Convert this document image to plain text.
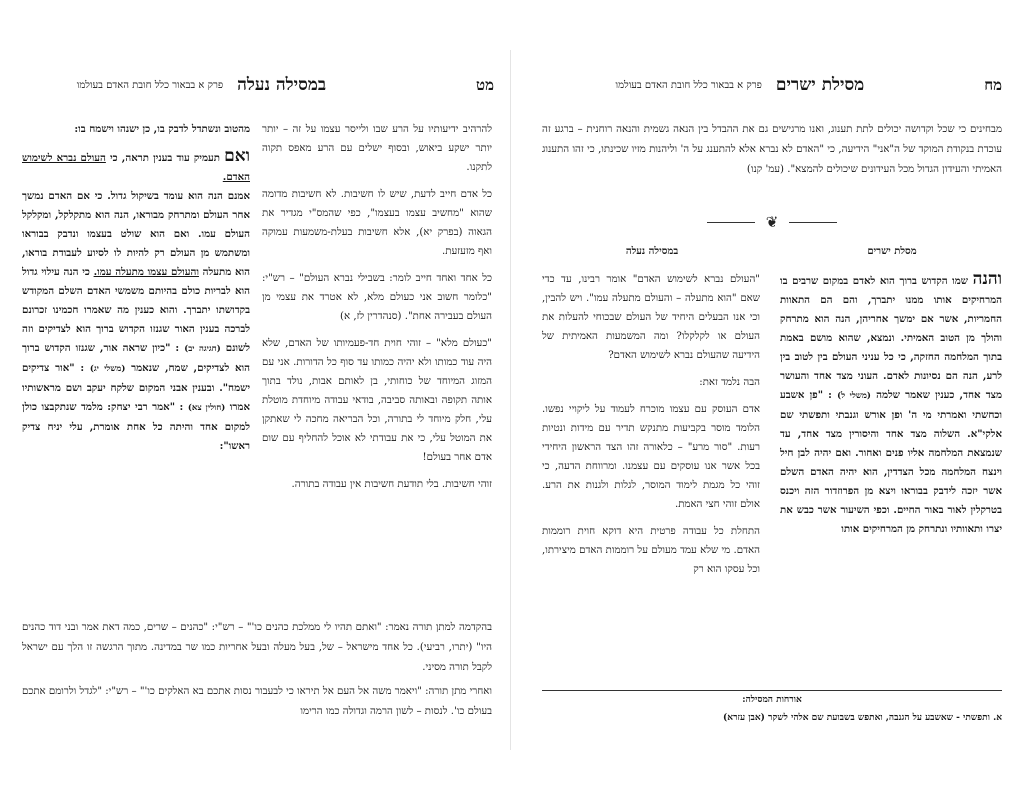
מט
במסילה נעלה
פרק א בבאור כלל חובת האדם בעולמו

מהטוב ונשתדל לדבק בו, כן ישנהו וישמח בו:

ואם תעמיק עוד בענין תראה, כי העולם נברא לשימוש האדם.

אמנם הנה הוא עומד בשיקול גדול. כי אם האדם נמשך אחר העולם ומתרחק מבוראו, הנה הוא מתקלקל, ומקלקל העולם עמו. ואם הוא שולט בעצמו ונדבק בבוראו ומשתמש מן העולם רק להיות לו לסיוע לעבודת בוראו, הוא מתעלה והעולם עצמו מתעלה עמו. כי הנה עילוי גדול הוא לבריות כולם בהיותם משמשי האדם השלם המקודש בקדושתו יתברך. והוא כענין מה שאמרו חכמינו זכרונם לברכה בענין האור שגנזו הקדוש ברוך הוא לצדיקים וזה לשונם (חגיגה יב) : "כיון שראה אור, שגנזו הקדוש ברוך הוא לצדיקים, שמח, שנאמר (משלי יג) : "אור צדיקים ישמח". ובענין אבני המקום שלקח יעקב ושם מראשותיו אמרו (חולין צא) : "אמר רבי יצחק: מלמד שנתקבצו כולן למקום אחד והיתה כל אחת אומרת, עלי יניח צדיק ראשו":

להרהיב ידיעותיו על הרע שבו ולייסר עצמו על זה – יותר יותר ישקע ביאוש, ובסוף ישלים עם הרע מאפס תקוה לתקנו.

כל אדם חייב לדעת, שיש לו חשיבות. לא חשיבות מדומה שהוא "מחשיב עצמו בעצמו", כפי שהמס"י מגדיר את הגאוה (בפרק יא), אלא חשיבות בעלת-משמעות עמוקה ואף מזעזעת.

כל אחד ואחד חייב לומר: בשבילי נברא העולם" – רש"י: "כלומר חשוב אני כעולם מלא, לא אטרד את עצמי מן העולם בעבירה אחת". (סנהדרין לז, א)

"כעולם מלא" – זוהי חוית חד-פעמיותו של האדם, שלא היה עוד כמותו ולא יהיה כמותו עד סוף כל הדורות. אני עם המזוג המיוחד של כוחותי, בן לאותם אבות, נולד בתוך אותה תקופה ובאותה סביבה, בודאי עבודה מיוחדת מוטלת עלי, חלק מיוחד לי בתורה, וכל הבריאה מחכה לי שאתקן את המוטל עלי, כי את עבודתי לא אוכל להחליף עם שום אדם אחר בעולם!

זוהי חשיבות. בלי תודעת חשיבות אין עבודה בתורה.

בהקדמה למתן תורה נאמר: "ואתם תהיו לי ממלכת כהנים כו'" – רש"י: "כהנים – שרים, כמה דאת אמר ובני דוד כהנים היו" (יתרו, רביעי). כל אחד מישראל – של, בעל מעלה ובעל אחריות כמו שר במדינה. מתוך הרגשה זו הלך עם ישראל לקבל תורה מסיני.

ואחרי מתן תורה: "ויאמר משה אל העם אל תיראו כי לבעבור נסות אתכם בא האלקים כו'" – רש"י: "לגדל ולרומם אתכם בעולם כו'. לנסות – לשון הרמה וגדולה כמו הרימו

מח
מסילת ישרים
פרק א בבאור כלל חובת האדם בעולמו

מבחינים כי שכל וקדושה יכולים לתת תענוג, ואנו מרגישים גם את ההבדל בין הנאה גשמית והנאה רוחנית – ברגע זה עוכדת בנקודת המוקד של ה"אני" הידיעה, כי "האדם לא נברא אלא להתענג על ה' וליהנות מזיו שכינתו, כי זהו התענוג האמיתי והעידון הגדול מכל העידונים שיכולים להמצא". (עמ' קנו)

❦
מסלת ישרים
במסילה נעלה

והנה שמו הקדוש ברוך הוא לאדם במקום שרבים בו המרחיקים אותו ממנו יתברך, והם הם התאוות החמריות, אשר אם ימשך אחריהן, הנה הוא מתרחק והולך מן הטוב האמיתי. ונמצא, שהוא מושם באמת בתוך המלחמה החזקה, כי כל עניני העולם בין לטוב בין לרע, הנה הם נסיונות לאדם. העוני מצד אחד והעושר מצד אחד, כענין שאמר שלמה (משלי ל) : "פן אשבע וכחשתי ואמרתי מי ה' ופן אורש וגנבתי ותפשתי שם אלקי"א. השלוה מצד אחד והיסורין מצד אחד, עד שנמצאת המלחמה אליו פנים ואחור. ואם יהיה לבן חיל וינצח המלחמה מכל הצדדין, הוא יהיה האדם השלם אשר יזכה לידבק בבוראו ויצא מן הפרוזדור הזה ויכנס בטרקלין לאור באור החיים. וכפי השיעור אשר כבש את יצרו ותאוותיו ונתרחק מן המרחיקים אותו

"העולם נברא לשימוש האדם" אומר רבינו, עד כדי שאם "הוא מתעלה – והעולם מתעלה עמו". ויש להבין, וכי אנו הבעלים היחיד של העולם שבכוחי להעלות את העולם או לקלקלו? ומה המשמעות האמיתית של הידיעה שהעולם נברא לשימוש האדם?

הבה נלמד זאת:

אדם העוסק עם עצמו מוכרח לעמוד על ליקויי נפשו. הלומד מוסר בקביעות מתנקש תדיר עם מידות ונטיות רעות. "סור מרע" – כלאורה זהו הצד הראשון היחידי בכל אשר אנו עוסקים עם עצמנו. ומרווחת הדעה, כי זוהי כל מגמת לימוד המוסר, לגלות ולגנות את הרע. אולם זוהי חצי האמת.

התחלת כל עבודה פרטית היא דוקא חוית רוממות האדם. מי שלא עמד מעולם על רוממות האדם מיצירתו, וכל עסקו הוא רק

אורחות המסילה:
א. ותפשתי - שאשבע על הגנבה, ואתפש בשבועת שם אלהי לשקר (אבן עזרא)
